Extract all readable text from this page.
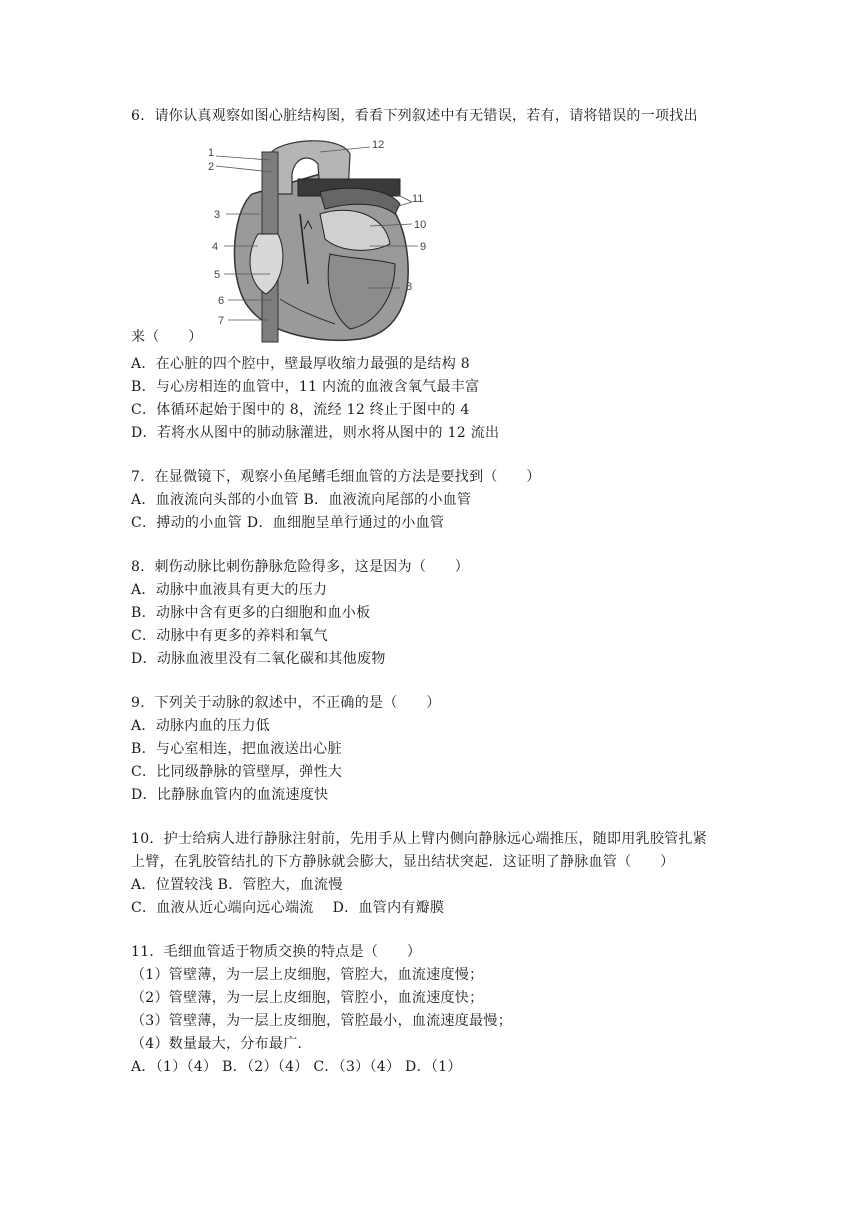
6．请你认真观察如图心脏结构图，看看下列叙述中有无错误，若有，请将错误的一项找出
1
2
3
4
5
6
7
8
9
10
11
12
来（　　）
A．在心脏的四个腔中，壁最厚收缩力最强的是结构 8
B．与心房相连的血管中，11 内流的血液含氧气最丰富
C．体循环起始于图中的 8，流经 12 终止于图中的 4
D．若将水从图中的肺动脉灌进，则水将从图中的 12 流出
7．在显微镜下，观察小鱼尾鳍毛细血管的方法是要找到（　　）
A．血液流向头部的小血管 B．血液流向尾部的小血管
C．搏动的小血管 D．血细胞呈单行通过的小血管
8．刺伤动脉比刺伤静脉危险得多，这是因为（　　）
A．动脉中血液具有更大的压力
B．动脉中含有更多的白细胞和血小板
C．动脉中有更多的养料和氧气
D．动脉血液里没有二氧化碳和其他废物
9．下列关于动脉的叙述中，不正确的是（　　）
A．动脉内血的压力低
B．与心室相连，把血液送出心脏
C．比同级静脉的管壁厚，弹性大
D．比静脉血管内的血流速度快
10．护士给病人进行静脉注射前，先用手从上臂内侧向静脉远心端推压，随即用乳胶管扎紧
上臂，在乳胶管结扎的下方静脉就会膨大，显出结状突起．这证明了静脉血管（　　）
A．位置较浅 B．管腔大，血流慢
C．血液从近心端向远心端流　 D．血管内有瓣膜
11．毛细血管适于物质交换的特点是（　　）
（1）管壁薄，为一层上皮细胞，管腔大，血流速度慢；
（2）管壁薄，为一层上皮细胞，管腔小，血流速度快；
（3）管壁薄，为一层上皮细胞，管腔最小，血流速度最慢；
（4）数量最大，分布最广．
A．（1）（4） B．（2）（4） C．（3）（4） D．（1）
